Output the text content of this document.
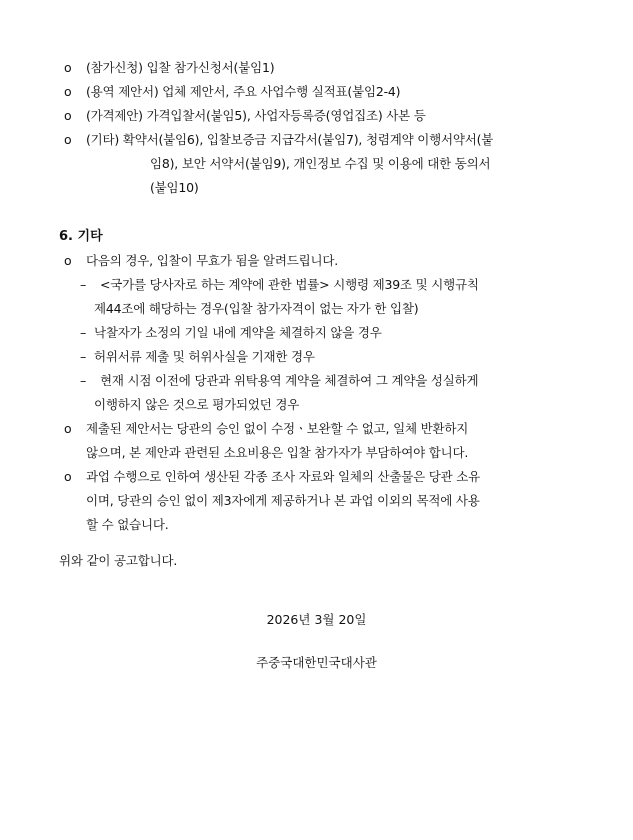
o (참가신청) 입찰 참가신청서(붙임1)
o (용역 제안서) 업체 제안서, 주요 사업수행 실적표(붙임2-4)
o (가격제안) 가격입찰서(붙임5), 사업자등록증(영업집조) 사본 등
o (기타) 확약서(붙임6), 입찰보증금 지급각서(붙임7), 청렴계약 이행서약서(붙
임8), 보안 서약서(붙임9), 개인정보 수집 및 이용에 대한 동의서
(붙임10)
6. 기타
o 다음의 경우, 입찰이 무효가 됨을 알려드립니다.
– <국가를 당사자로 하는 계약에 관한 법률> 시행령 제39조 및 시행규칙
제44조에 해당하는 경우(입찰 참가자격이 없는 자가 한 입찰)
– 낙찰자가 소정의 기일 내에 계약을 체결하지 않을 경우
– 허위서류 제출 및 허위사실을 기재한 경우
– 현재 시점 이전에 당관과 위탁용역 계약을 체결하여 그 계약을 성실하게
이행하지 않은 것으로 평가되었던 경우
o 제출된 제안서는 당관의 승인 없이 수정ㆍ보완할 수 없고, 일체 반환하지
않으며, 본 제안과 관련된 소요비용은 입찰 참가자가 부담하여야 합니다.
o 과업 수행으로 인하여 생산된 각종 조사 자료와 일체의 산출물은 당관 소유
이며, 당관의 승인 없이 제3자에게 제공하거나 본 과업 이외의 목적에 사용
할 수 없습니다.
위와 같이 공고합니다.
2026년 3월 20일
주중국대한민국대사관
